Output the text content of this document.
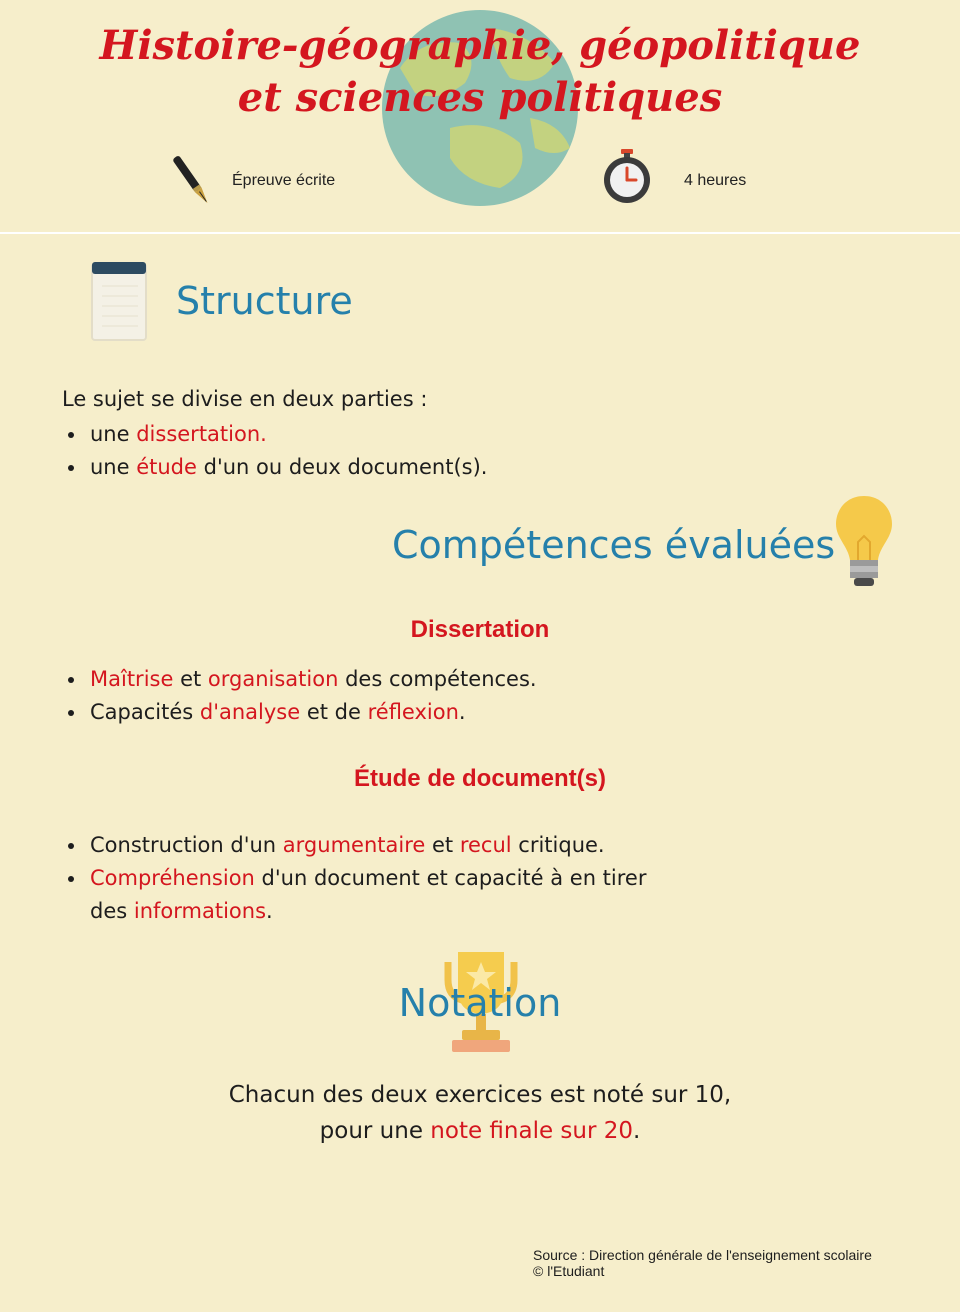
Histoire-géographie, géopolitique
et sciences politiques
Épreuve écrite	4 heures
Structure
Le sujet se divise en deux parties :
une dissertation.
une étude d'un ou deux document(s).
Compétences évaluées
Dissertation
Maîtrise et organisation des compétences.
Capacités d'analyse et de réflexion.
Étude de document(s)
Construction d'un argumentaire et recul critique.
Compréhension d'un document et capacité à en tirer des informations.
Notation
Chacun des deux exercices est noté sur 10,
pour une note finale sur 20.
Source : Direction générale de l'enseignement scolaire
© l'Etudiant
